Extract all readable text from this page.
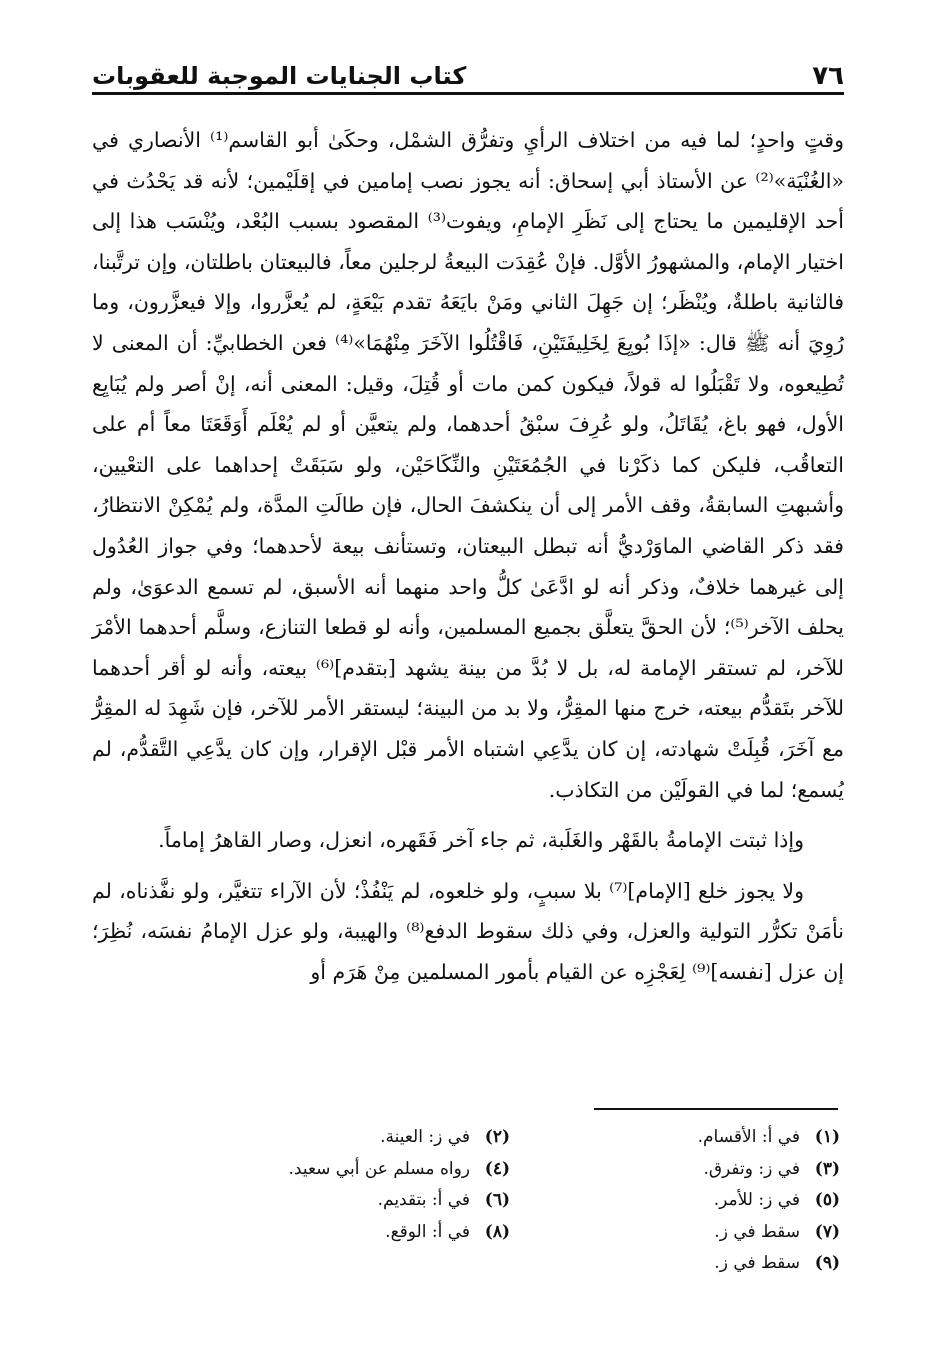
٧٦
كتاب الجنايات الموجبة للعقوبات

وقتٍ واحدٍ؛ لما فيه من اختلاف الرأيِ وتفرُّق الشمْل، وحكَىٰ أبو القاسم⁽¹⁾ الأنصاري في «الغُنْيَة»⁽²⁾ عن الأستاذ أبي إسحاق: أنه يجوز نصب إمامين في إقلَيْمين؛ لأنه قد يَحْدُث في أحد الإقليمين ما يحتاج إلى نَظَرِ الإمامِ، ويفوت⁽³⁾ المقصود بسبب البُعْد، ويُنْسَب هذا إلى اختيار الإمام، والمشهورُ الأوَّل. فإنْ عُقِدَت البيعةُ لرجلين معاً، فالبيعتان باطلتان، وإن ترتَّبنا، فالثانية باطلةٌ، ويُنْظَر؛ إن جَهِلَ الثاني ومَنْ بايَعَهُ تقدم بَيْعَةٍ، لم يُعزَّروا، وإلا فيعزَّرون، وما رُوِيَ أنه ﷺ قال: «إذَا بُويِعَ لِخَلِيفَتَيْنِ، فَاقْتُلُوا الآخَرَ مِنْهُمَا»⁽⁴⁾ فعن الخطابيِّ: أن المعنى لا تُطِيعوه، ولا تَقْبَلُوا له قولاً، فيكون كمن مات أو قُتِلَ، وقيل: المعنى أنه، إنْ أصر ولم يُبَايِع الأول، فهو باغ، يُقَاتَلُ، ولو عُرِفَ سبْقُ أحدهما، ولم يتعيَّن أو لم يُعْلَم أَوَقَعَتَا معاً أم على التعاقُب، فليكن كما ذكَرْنا في الجُمُعَتَيْنِ والنِّكَاحَيْن، ولو سَبَقَتْ إحداهما على التعْيين، وأشبهتِ السابقةُ، وقف الأمر إلى أن ينكشفَ الحال، فإن طالَتِ المدَّة، ولم يُمْكِنْ الانتظارُ، فقد ذكر القاضي الماوَرْديُّ أنه تبطل البيعتان، وتستأنف بيعة لأحدهما؛ وفي جواز العُدُول إلى غيرهما خلافٌ، وذكر أنه لو ادَّعَىٰ كلُّ واحد منهما أنه الأسبق، لم تسمع الدعوَىٰ، ولم يحلف الآخر⁽⁵⁾؛ لأن الحقَّ يتعلَّق بجميع المسلمين، وأنه لو قطعا التنازع، وسلَّم أحدهما الأمْرَ للآخر، لم تستقر الإمامة له، بل لا بُدَّ من بينة يشهد [بتقدم]⁽⁶⁾ بيعته، وأنه لو أقر أحدهما للآخر بتَقدُّم بيعته، خرج منها المقِرُّ، ولا بد من البينة؛ ليستقر الأمر للآخر، فإن شَهِدَ له المقِرُّ مع آخَرَ، قُبِلَتْ شهادته، إن كان يدَّعِي اشتباه الأمر قبْل الإقرار، وإن كان يدَّعِي التَّقدُّم، لم يُسمع؛ لما في القولَيْن من التكاذب.

وإذا ثبتت الإمامةُ بالقَهْر والغَلَبة، ثم جاء آخر فَقَهره، انعزل، وصار القاهرُ إماماً.

ولا يجوز خلع [الإمام]⁽⁷⁾ بلا سببٍ، ولو خلعوه، لم يَنْفُذْ؛ لأن الآراء تتغيَّر، ولو نفَّذناه، لم نأمَنْ تكرُّر التولية والعزل، وفي ذلك سقوط الدفع⁽⁸⁾ والهيبة، ولو عزل الإمامُ نفسَه، نُظِرَ؛ إن عزل [نفسه]⁽⁹⁾ لِعَجْزِه عن القيام بأمور المسلمين مِنْ هَرَم أو

(١)
في أ: الأقسام.
(٣)
في ز: وتفرق.
(٥)
في ز: للأمر.
(٧)
سقط في ز.
(٩)
سقط في ز.
(٢)
في ز: العينة.
(٤)
رواه مسلم عن أبي سعيد.
(٦)
في أ: بتقديم.
(٨)
في أ: الوقع.
